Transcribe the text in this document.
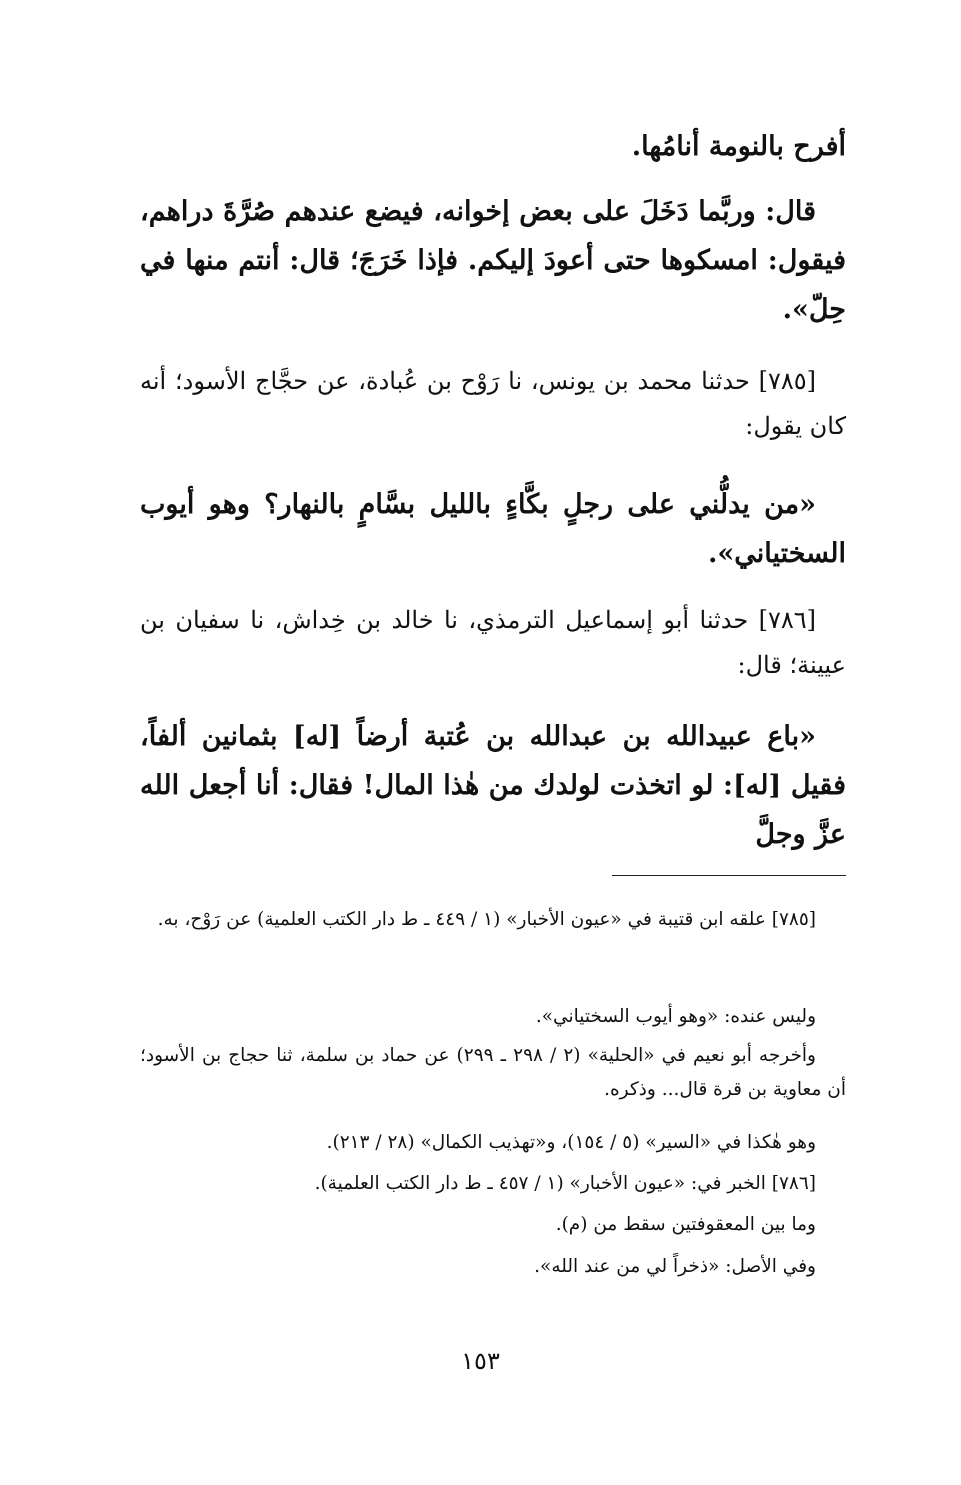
أفرح بالنومة أنامُها.

قال: وربَّما دَخَلَ على بعض إخوانه، فيضع عندهم صُرَّةَ دراهم، فيقول: امسكوها حتى أعودَ إليكم. فإذا خَرَجَ؛ قال: أنتم منها في حِلّ».

[٧٨٥] حدثنا محمد بن يونس، نا رَوْح بن عُبادة، عن حجَّاج الأسود؛ أنه كان يقول:

«من يدلُّني على رجلٍ بكَّاءٍ بالليل بسَّامٍ بالنهار؟ وهو أيوب السختياني».

[٧٨٦] حدثنا أبو إسماعيل الترمذي، نا خالد بن خِداش، نا سفيان بن عيينة؛ قال:

«باع عبيدالله بن عبدالله بن عُتبة أرضاً [له] بثمانين ألفاً، فقيل [له]: لو اتخذت لولدك من هٰذا المال! فقال: أنا أجعل الله عزَّ وجلَّ

[٧٨٥] علقه ابن قتيبة في «عيون الأخبار» (١ / ٤٤٩ ـ ط دار الكتب العلمية) عن رَوْح، به.

وليس عنده: «وهو أيوب السختياني».

وأخرجه أبو نعيم في «الحلية» (٢ / ٢٩٨ ـ ٢٩٩) عن حماد بن سلمة، ثنا حجاج بن الأسود؛ أن معاوية بن قرة قال... وذكره.

وهو هٰكذا في «السير» (٥ / ١٥٤)، و«تهذيب الكمال» (٢٨ / ٢١٣).

[٧٨٦] الخبر في: «عيون الأخبار» (١ / ٤٥٧ ـ ط دار الكتب العلمية).

وما بين المعقوفتين سقط من (م).

وفي الأصل: «ذخراً لي من عند الله».

١٥٣
